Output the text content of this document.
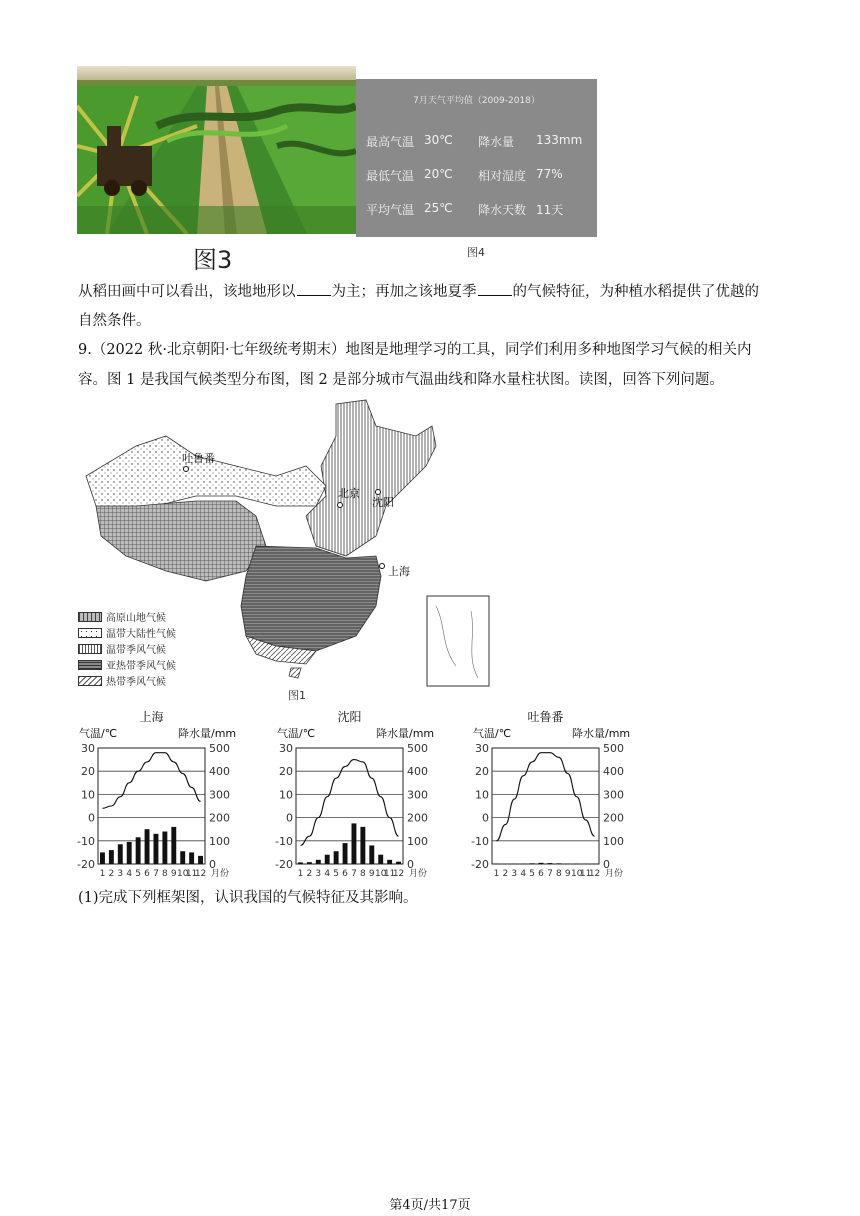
图3
7月天气平均值（2009-2018）
最高气温 30℃ 降水量 133mm
最低气温 20℃ 相对湿度 77%
平均气温 25℃ 降水天数 11天
图4
从稻田画中可以看出，该地地形以 为主；再加之该地夏季 的气候特征，为种植水稻提供了优越的
自然条件。
9.（2022 秋·北京朝阳·七年级统考期末）地图是地理学习的工具，同学们利用多种地图学习气候的相关内
容。图 1 是我国气候类型分布图，图 2 是部分城市气温曲线和降水量柱状图。读图，回答下列问题。
吐鲁番
北京
沈阳
上海
高原山地气候
温带大陆性气候
温带季风气候
亚热带季风气候
热带季风气候
图1
上海
气温/℃	降水量/mm
30
20
10
0
-10
-20
500
400
300
200
100
0
1 2 3 4 5 6 7 8 9 10
11
12 月份
沈阳
气温/℃	降水量/mm
30
20
10
0
-10
-20
500
400
300
200
100
0
1 2 3 4 5 6 7 8 9 10
11
12 月份
吐鲁番
气温/℃	降水量/mm
30
20
10
0
-10
-20
500
400
300
200
100
0
1 2 3 4 5 6 7 8 9 10
11
12 月份
(1)完成下列框架图，认识我国的气候特征及其影响。
第4页/共17页
